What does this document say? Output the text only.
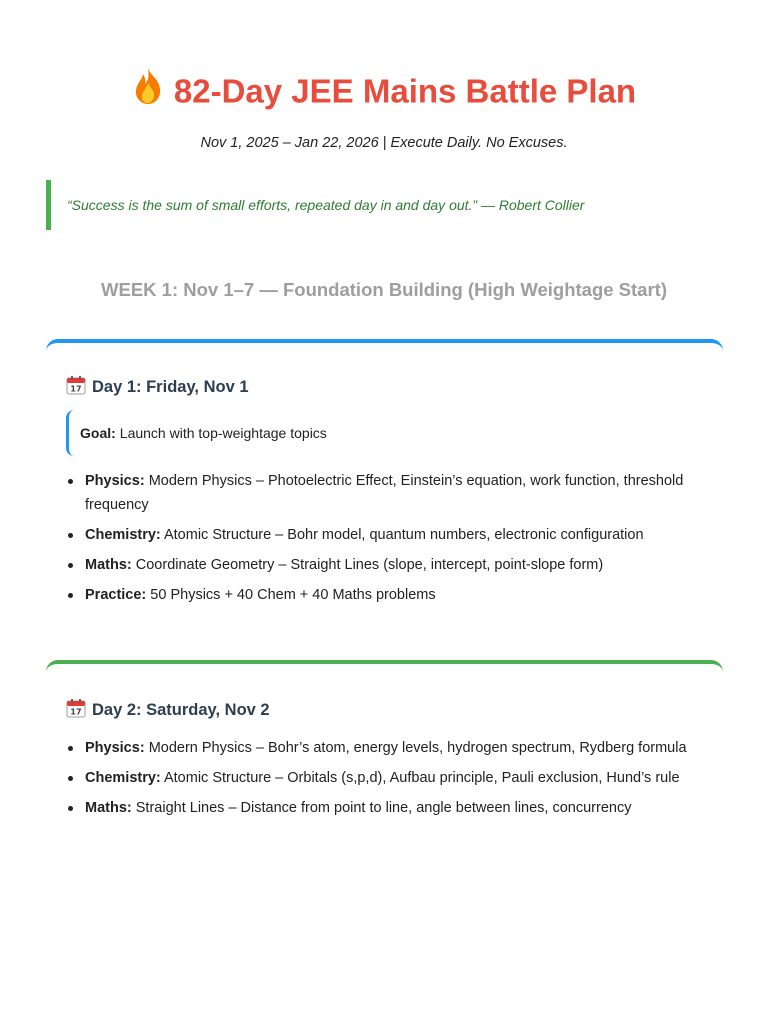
82-Day JEE Mains Battle Plan
Nov 1, 2025 – Jan 22, 2026 | Execute Daily. No Excuses.
“Success is the sum of small efforts, repeated day in and day out.” — Robert Collier
WEEK 1: Nov 1–7 — Foundation Building (High Weightage Start)
17 Day 1: Friday, Nov 1
Goal: Launch with top-weightage topics
Physics: Modern Physics – Photoelectric Effect, Einstein’s equation, work function, threshold frequency
Chemistry: Atomic Structure – Bohr model, quantum numbers, electronic configuration
Maths: Coordinate Geometry – Straight Lines (slope, intercept, point-slope form)
Practice: 50 Physics + 40 Chem + 40 Maths problems
17 Day 2: Saturday, Nov 2
Physics: Modern Physics – Bohr’s atom, energy levels, hydrogen spectrum, Rydberg formula
Chemistry: Atomic Structure – Orbitals (s,p,d), Aufbau principle, Pauli exclusion, Hund’s rule
Maths: Straight Lines – Distance from point to line, angle between lines, concurrency
